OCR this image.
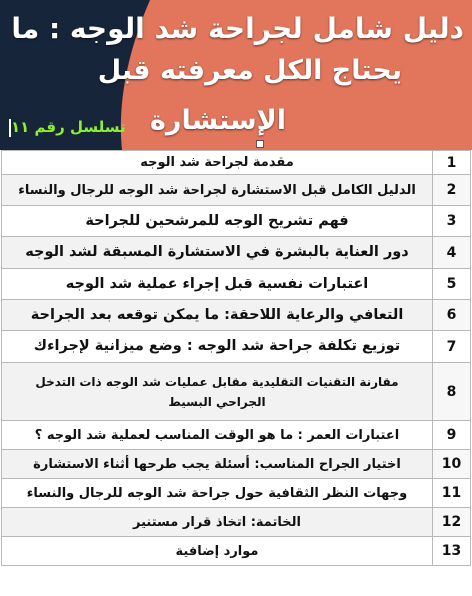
دليل شامل لجراحة شد الوجه : ما
يحتاج الكل معرفته قبل
الإستشارة
تسلسل رقم ١١
مقدمة لجراحة شد الوجه	1
الدليل الكامل قبل الاستشارة لجراحة شد الوجه للرجال والنساء	2
فهم تشريح الوجه للمرشحين للجراحة	3
دور العناية بالبشرة في الاستشارة المسبقة لشد الوجه	4
اعتبارات نفسية قبل إجراء عملية شد الوجه	5
التعافي والرعاية اللاحقة: ما يمكن توقعه بعد الجراحة	6
توزيع تكلفة جراحة شد الوجه : وضع ميزانية لإجراءك	7
مقارنة التقنيات التقليدية مقابل عمليات شد الوجه ذات التدخل الجراحي البسيط	8
اعتبارات العمر : ما هو الوقت المناسب لعملية شد الوجه ؟	9
اختيار الجراح المناسب: أسئلة يجب طرحها أثناء الاستشارة	10
وجهات النظر الثقافية حول جراحة شد الوجه للرجال والنساء	11
الخاتمة: اتخاذ قرار مستنير	12
موارد إضافية	13
